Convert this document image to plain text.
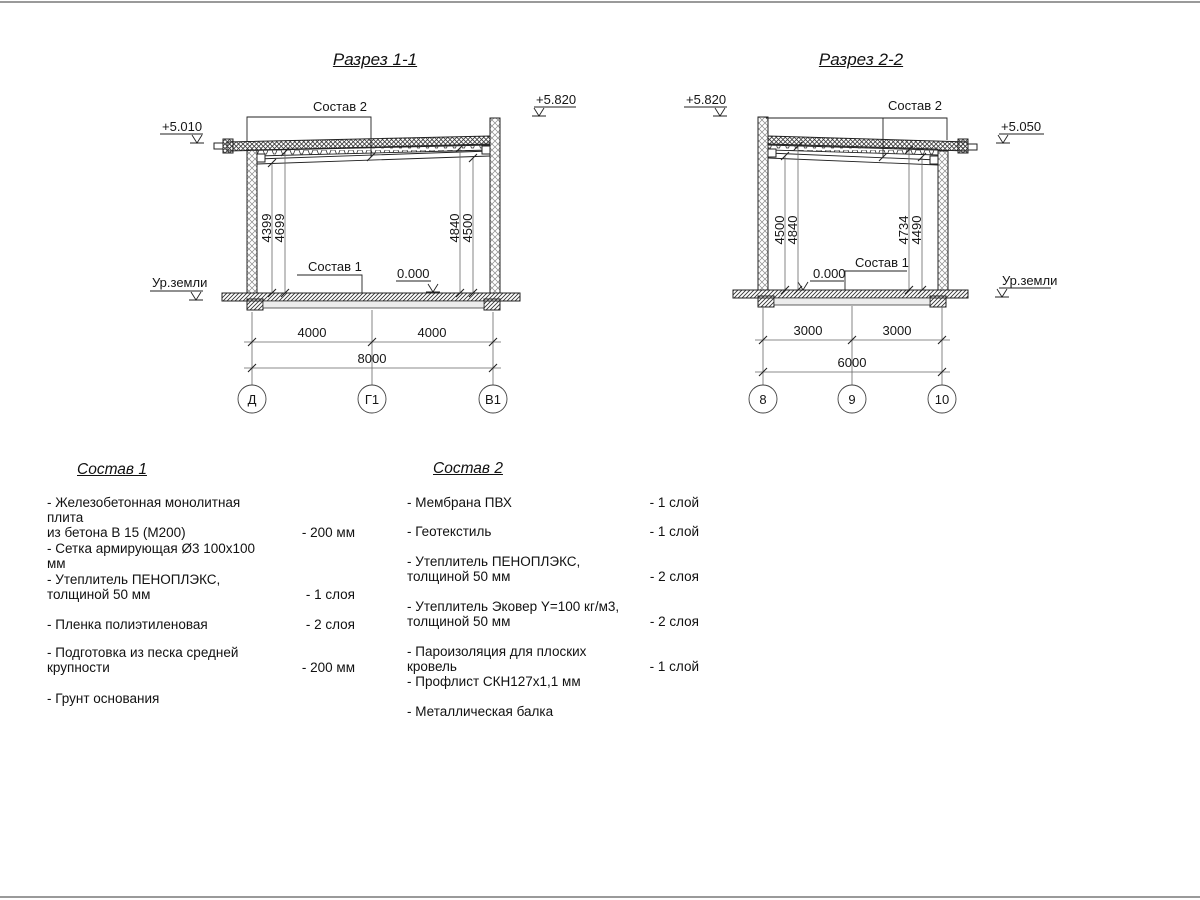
Разрез 1-1	Разрез 2-2
+5.010
+5.820
Ур.земли
0.000
Состав 2
Состав 1
4399
4699	4840
4500
4000	4000
8000
Д	Г1	В1
+5.820
+5.050
Ур.земли
0.000
Состав 2
Состав 1
4500
4840	4734
4490
3000	3000
6000
8	9	10
Состав 1
- Железобетонная монолитная плита
из бетона В 15 (М200)	- 200 мм
- Сетка армирующая Ø3 100х100 мм
- Утеплитель ПЕНОПЛЭКС,
толщиной 50 мм	- 1 слоя
- Пленка полиэтиленовая	- 2 слоя
- Подготовка из песка средней
крупности	- 200 мм
- Грунт основания
Состав 2
- Мембрана ПВХ	- 1 слой
- Геотекстиль	- 1 слой
- Утеплитель ПЕНОПЛЭКС,
толщиной 50 мм	- 2 слоя
- Утеплитель Эковер Y=100 кг/м3,
толщиной 50 мм	- 2 слоя
- Пароизоляция для плоских кровель	- 1 слой
- Профлист СКН127х1,1 мм
- Металлическая балка
